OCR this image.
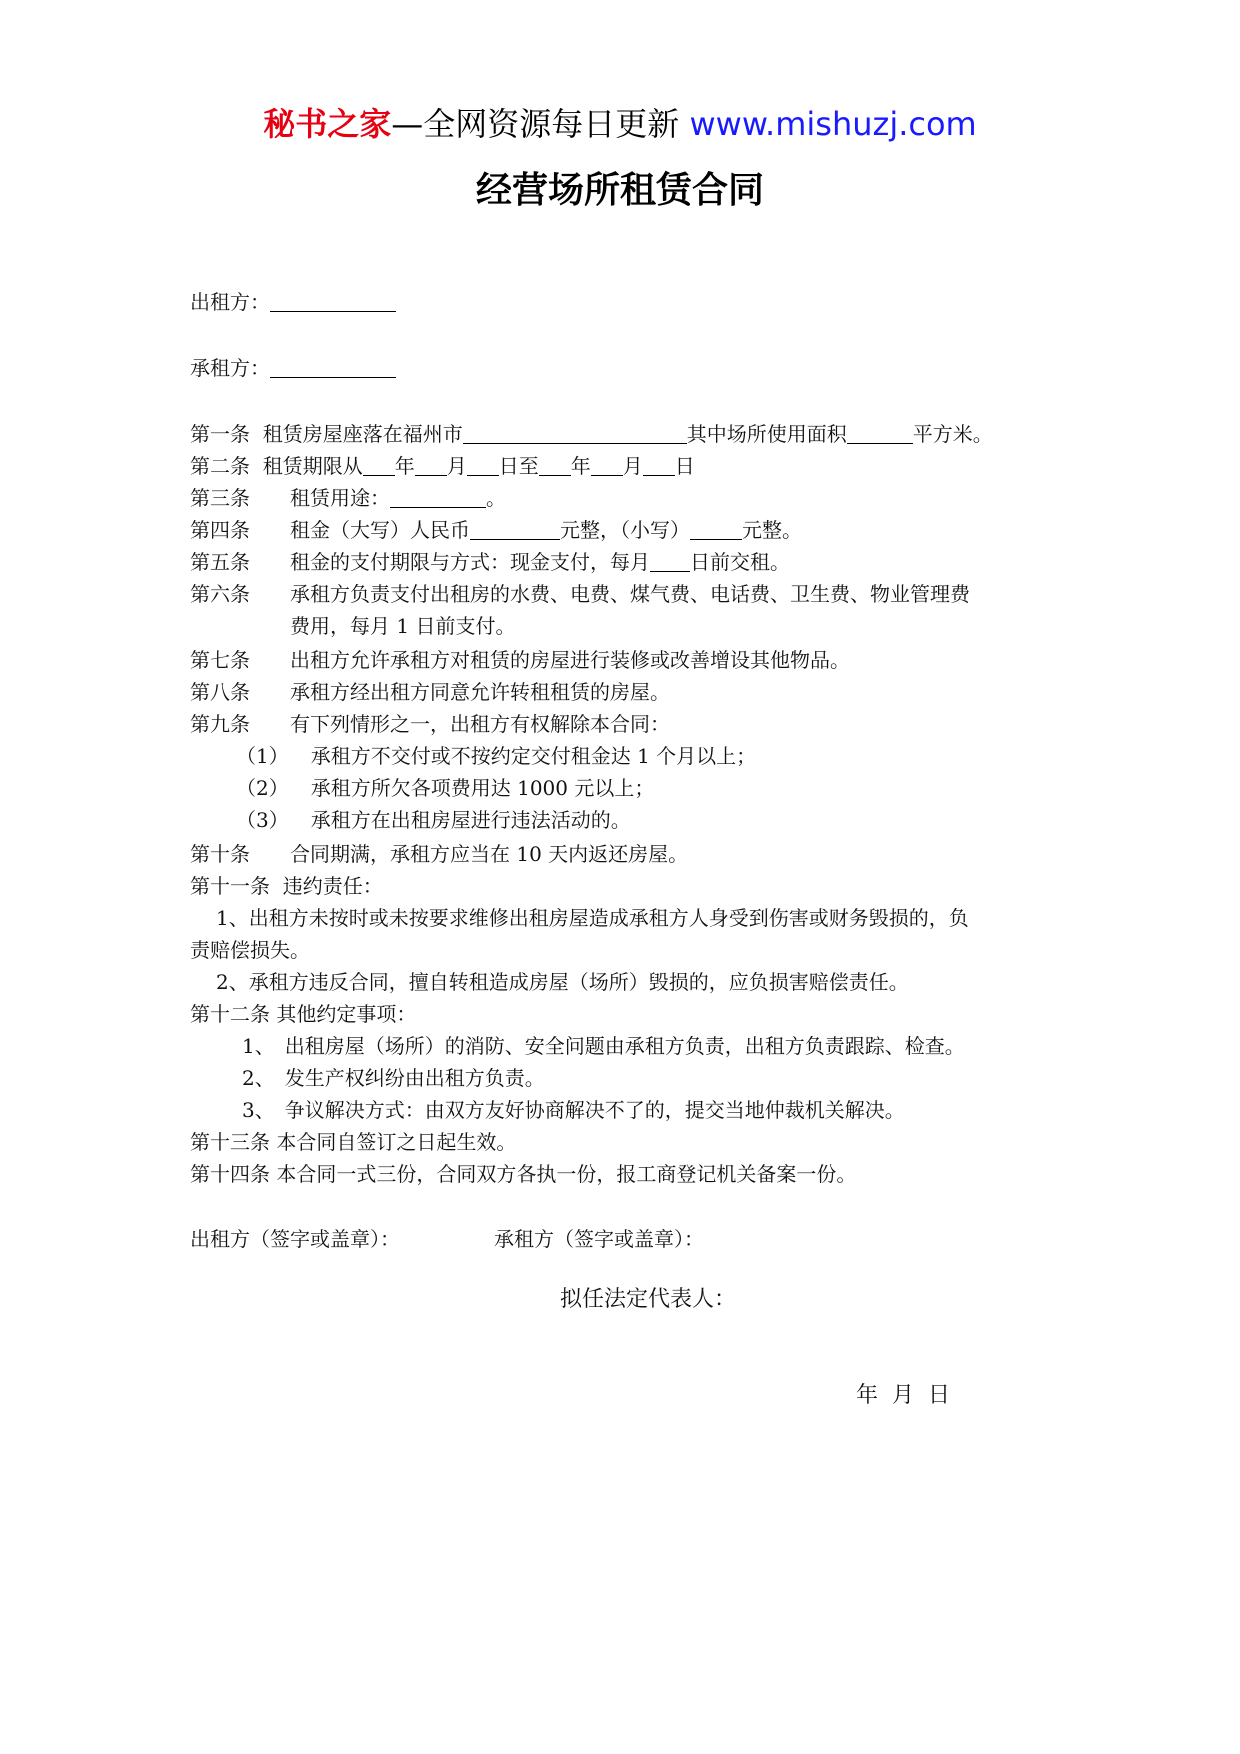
秘书之家—全网资源每日更新 www.mishuzj.com
经营场所租赁合同
出租方：
承租方：
第一条 租赁房屋座落在福州市	其中场所使用面积	平方米。
第二条 租赁期限从 年 月 日至 年 月 日
第三条 租赁用途：	。
第四条 租金（大写）人民币	元整，（小写）	元整。
第五条 租金的支付期限与方式：现金支付，每月 日前交租。
第六条 承租方负责支付出租房的水费、电费、煤气费、电话费、卫生费、物业管理费
费用，每月 1 日前支付。
第七条 出租方允许承租方对租赁的房屋进行装修或改善增设其他物品。
第八条 承租方经出租方同意允许转租租赁的房屋。
第九条 有下列情形之一，出租方有权解除本合同：
（1） 承租方不交付或不按约定交付租金达 1 个月以上；
（2） 承租方所欠各项费用达 1000 元以上；
（3） 承租方在出租房屋进行违法活动的。
第十条 合同期满，承租方应当在 10 天内返还房屋。
第十一条 违约责任：
1、出租方未按时或未按要求维修出租房屋造成承租方人身受到伤害或财务毁损的，负
责赔偿损失。
2、承租方违反合同，擅自转租造成房屋（场所）毁损的，应负损害赔偿责任。
第十二条 其他约定事项：
1、 出租房屋（场所）的消防、安全问题由承租方负责，出租方负责跟踪、检查。
2、 发生产权纠纷由出租方负责。
3、 争议解决方式：由双方友好协商解决不了的，提交当地仲裁机关解决。
第十三条 本合同自签订之日起生效。
第十四条 本合同一式三份，合同双方各执一份，报工商登记机关备案一份。
出租方（签字或盖章）：	承租方（签字或盖章）：
拟任法定代表人：
年  月  日
